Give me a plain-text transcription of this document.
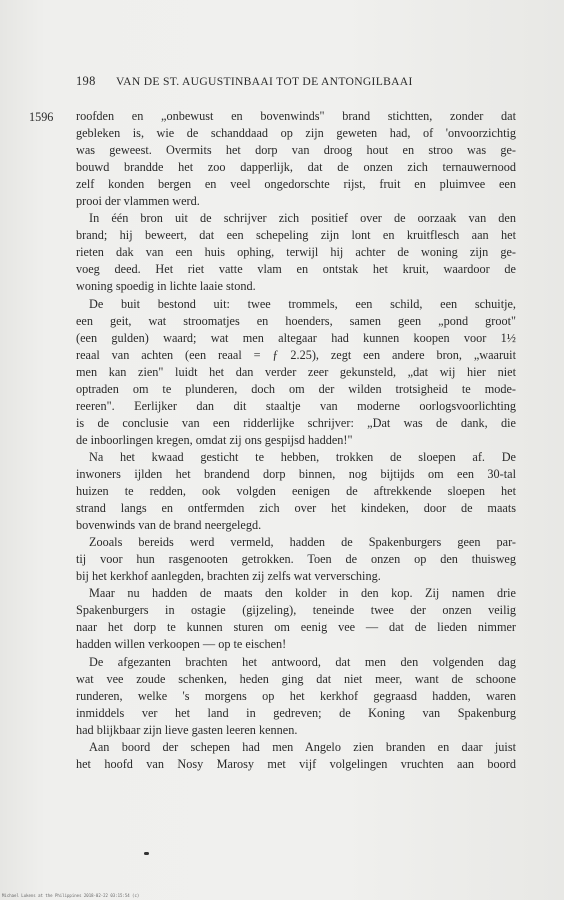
198 VAN DE ST. AUGUSTINBAAI TOT DE ANTONGILBAAI
1596 roofden en „onbewust en bovenwinds" brand stichtten, zonder dat
gebleken is, wie de schanddaad op zijn geweten had, of 'onvoorzichtig
was geweest. Overmits het dorp van droog hout en stroo was ge-
bouwd brandde het zoo dapperlijk, dat de onzen zich ternauwernood
zelf konden bergen en veel ongedorschte rijst, fruit en pluimvee een
prooi der vlammen werd.
In één bron uit de schrijver zich positief over de oorzaak van den
brand; hij beweert, dat een schepeling zijn lont en kruitflesch aan het
rieten dak van een huis ophing, terwijl hij achter de woning zijn ge-
voeg deed. Het riet vatte vlam en ontstak het kruit, waardoor de
woning spoedig in lichte laaie stond.
De buit bestond uit: twee trommels, een schild, een schuitje,
een geit, wat stroomatjes en hoenders, samen geen „pond groot"
(een gulden) waard; wat men altegaar had kunnen koopen voor 1½
reaal van achten (een reaal = ƒ 2.25), zegt een andere bron, „waaruit
men kan zien" luidt het dan verder zeer gekunsteld, „dat wij hier niet
optraden om te plunderen, doch om der wilden trotsigheid te mode-
reeren". Eerlijker dan dit staaltje van moderne oorlogsvoorlichting
is de conclusie van een ridderlijke schrijver: „Dat was de dank, die
de inboorlingen kregen, omdat zij ons gespijsd hadden!"
Na het kwaad gesticht te hebben, trokken de sloepen af. De
inwoners ijlden het brandend dorp binnen, nog bijtijds om een 30-tal
huizen te redden, ook volgden eenigen de aftrekkende sloepen het
strand langs en ontfermden zich over het kindeken, door de maats
bovenwinds van de brand neergelegd.
Zooals bereids werd vermeld, hadden de Spakenburgers geen par-
tij voor hun rasgenooten getrokken. Toen de onzen op den thuisweg
bij het kerkhof aanlegden, brachten zij zelfs wat verversching.
Maar nu hadden de maats den kolder in den kop. Zij namen drie
Spakenburgers in ostagie (gijzeling), teneinde twee der onzen veilig
naar het dorp te kunnen sturen om eenig vee — dat de lieden nimmer
hadden willen verkoopen — op te eischen!
De afgezanten brachten het antwoord, dat men den volgenden dag
wat vee zoude schenken, heden ging dat niet meer, want de schoone
runderen, welke 's morgens op het kerkhof gegraasd hadden, waren
inmiddels ver het land in gedreven; de Koning van Spakenburg
had blijkbaar zijn lieve gasten leeren kennen.
Aan boord der schepen had men Angelo zien branden en daar juist
het hoofd van Nosy Marosy met vijf volgelingen vruchten aan boord
Michael Lukens at the Philippines 2018-02-22 03:15:54 (c)
